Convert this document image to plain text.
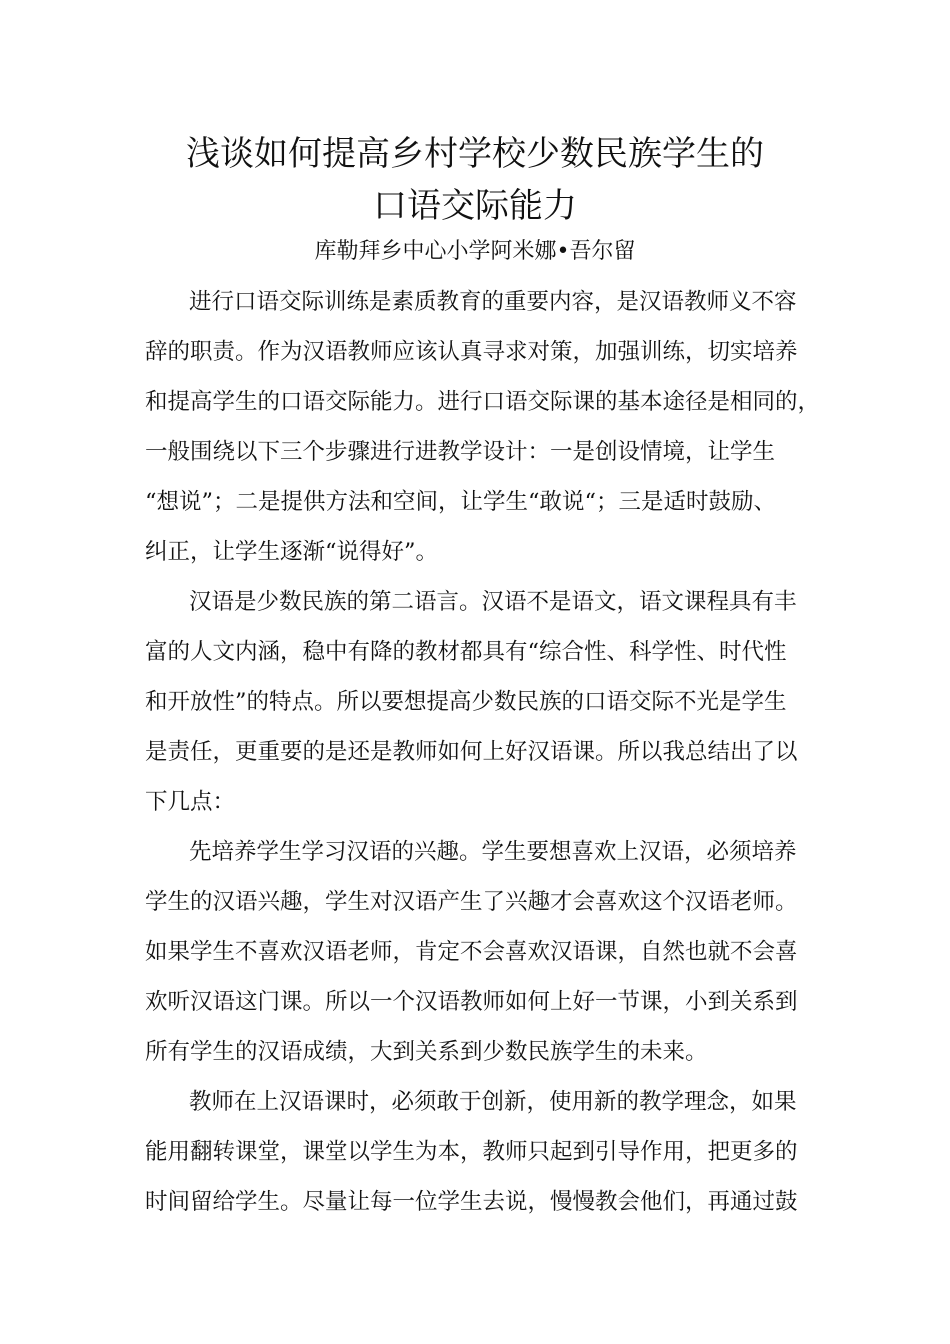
浅谈如何提高乡村学校少数民族学生的
口语交际能力
库勒拜乡中心小学阿米娜•吾尔留
进行口语交际训练是素质教育的重要内容，是汉语教师义不容
辞的职责。作为汉语教师应该认真寻求对策，加强训练，切实培养
和提高学生的口语交际能力。进行口语交际课的基本途径是相同的，
一般围绕以下三个步骤进行进教学设计：一是创设情境，让学生
“想说”；二是提供方法和空间，让学生“敢说“；三是适时鼓励、
纠正，让学生逐渐“说得好”。
汉语是少数民族的第二语言。汉语不是语文，语文课程具有丰
富的人文内涵，稳中有降的教材都具有“综合性、科学性、时代性
和开放性”的特点。所以要想提高少数民族的口语交际不光是学生
是责任，更重要的是还是教师如何上好汉语课。所以我总结出了以
下几点：
先培养学生学习汉语的兴趣。学生要想喜欢上汉语，必须培养
学生的汉语兴趣，学生对汉语产生了兴趣才会喜欢这个汉语老师。
如果学生不喜欢汉语老师，肯定不会喜欢汉语课，自然也就不会喜
欢听汉语这门课。所以一个汉语教师如何上好一节课，小到关系到
所有学生的汉语成绩，大到关系到少数民族学生的未来。
教师在上汉语课时，必须敢于创新，使用新的教学理念，如果
能用翻转课堂，课堂以学生为本，教师只起到引导作用，把更多的
时间留给学生。尽量让每一位学生去说，慢慢教会他们，再通过鼓
